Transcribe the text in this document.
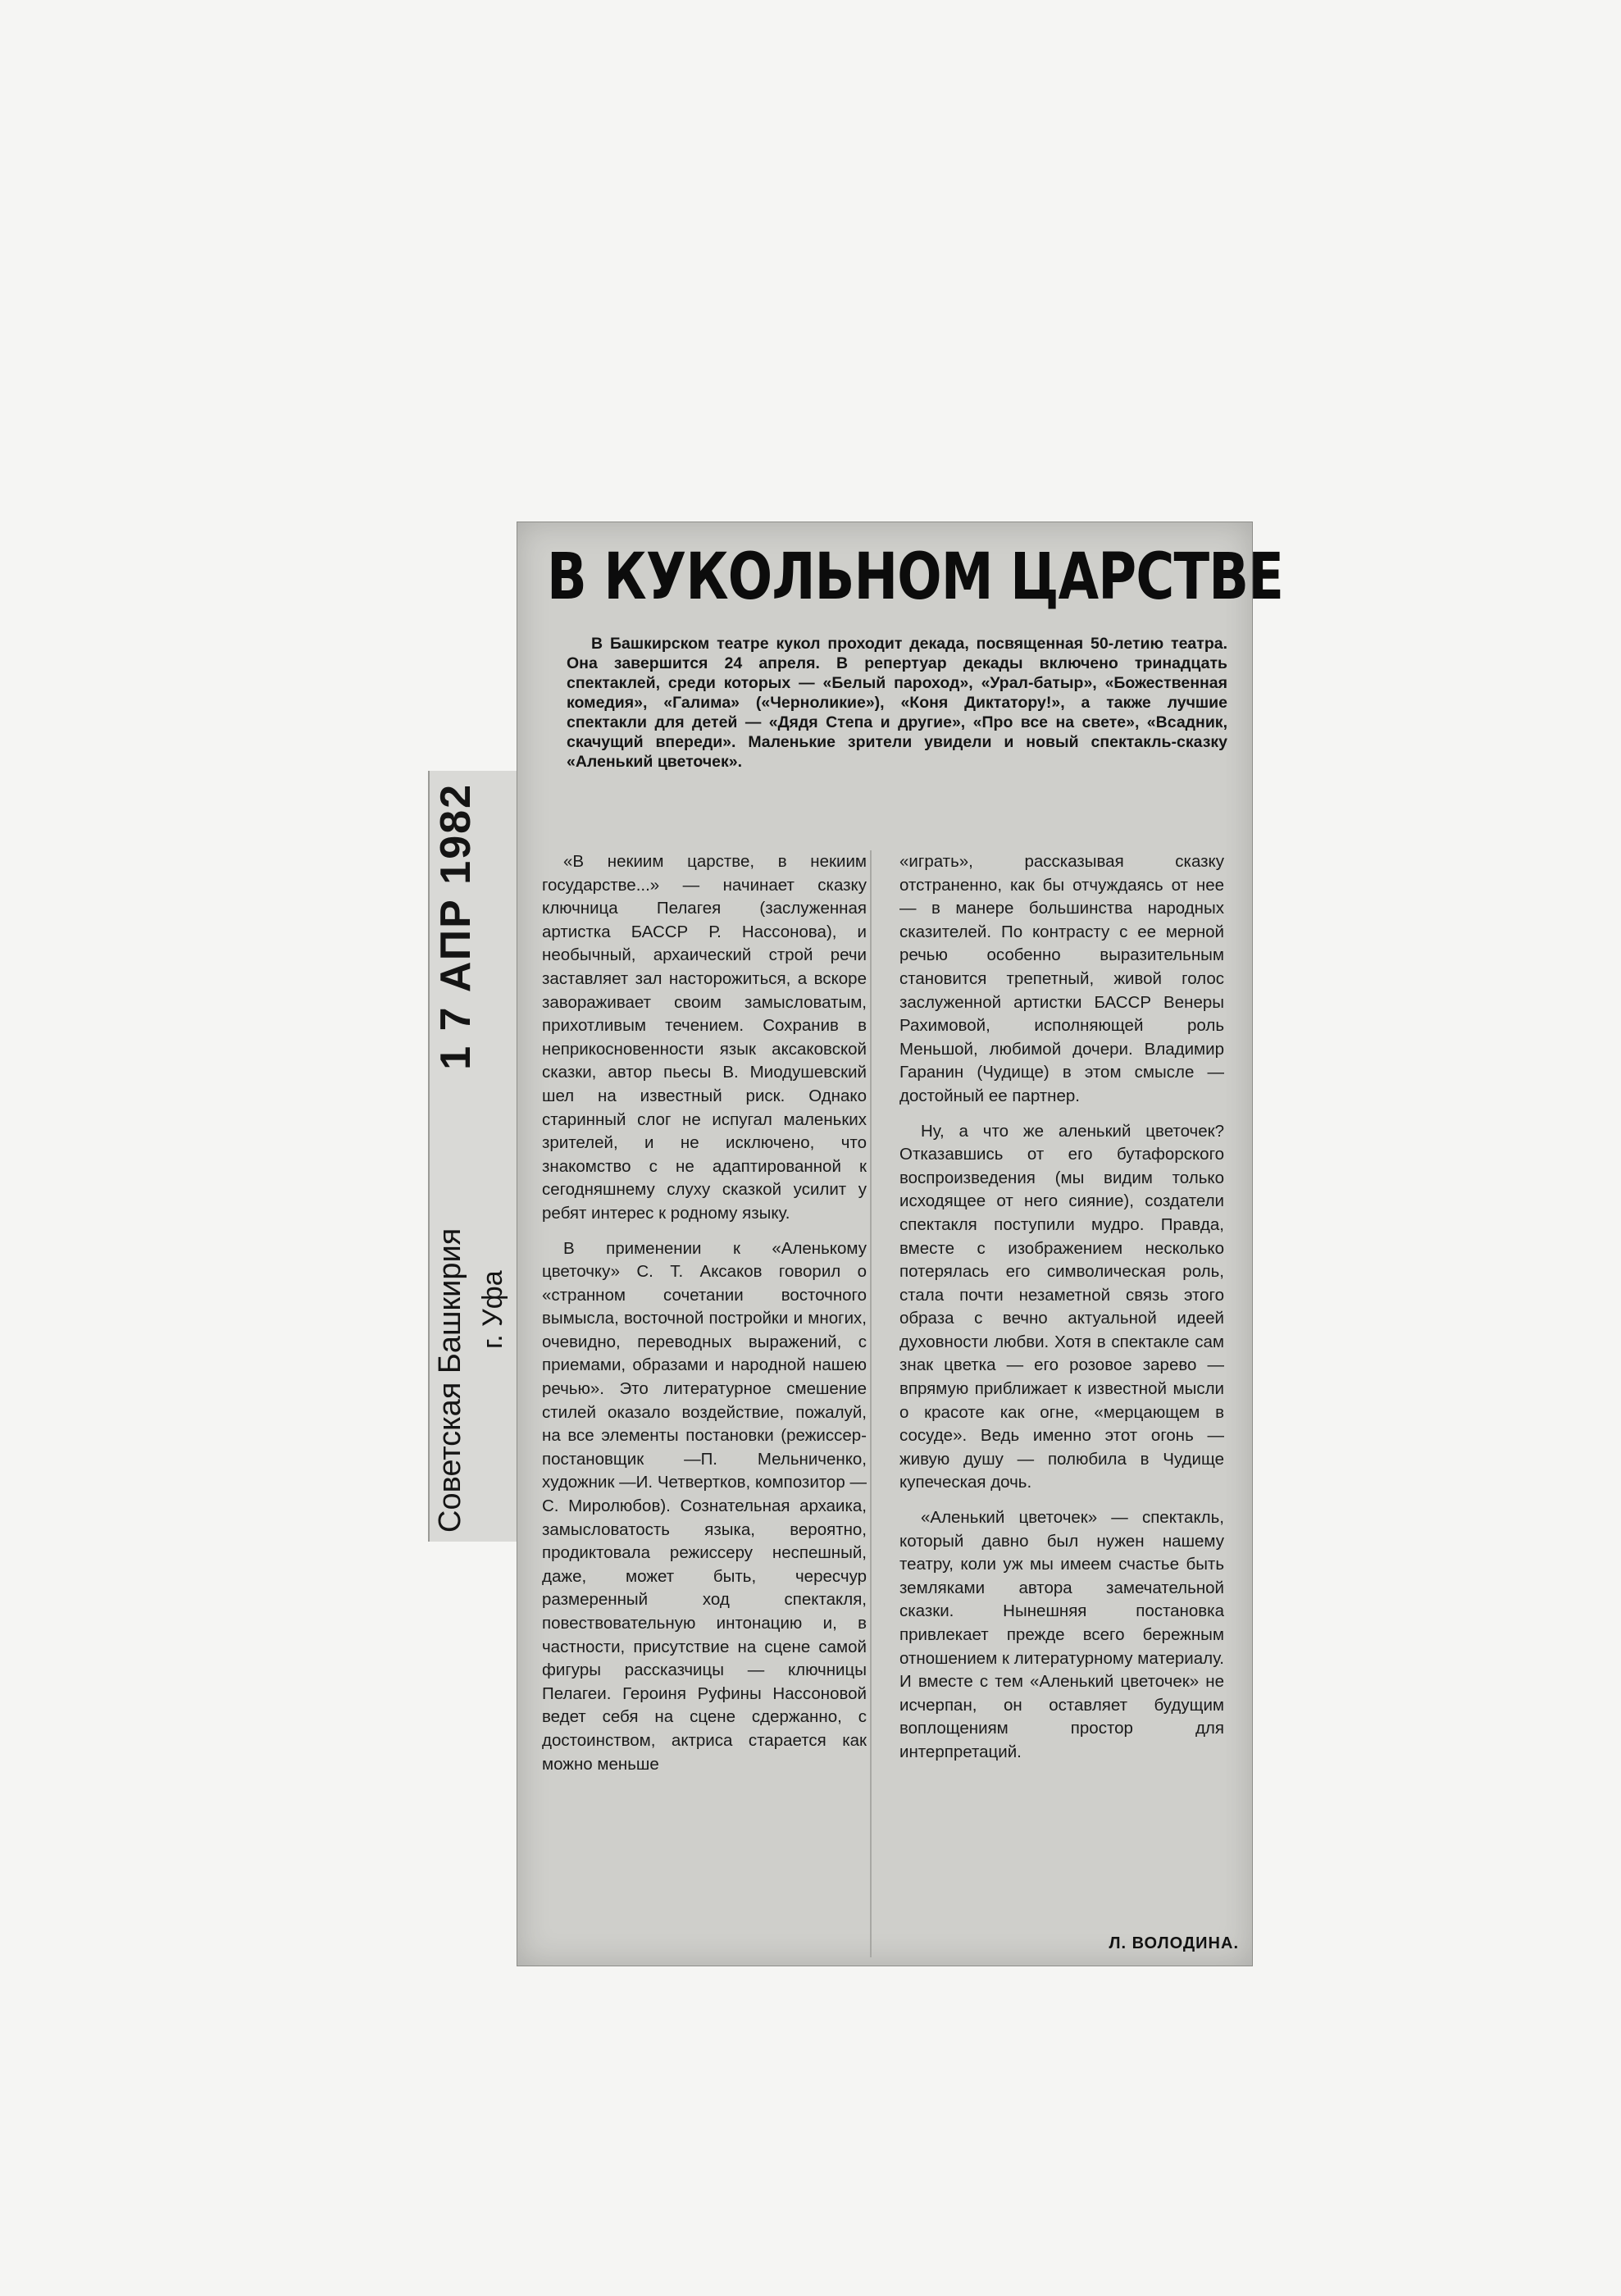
Советская Башкирия г. Уфа
1 7 АПР 1982
В КУКОЛЬНОМ ЦАРСТВЕ
В Башкирском театре кукол проходит декада, посвященная 50-летию театра. Она завершится 24 апреля. В репертуар декады включено тринадцать спектаклей, среди которых — «Белый пароход», «Урал-батыр», «Божественная комедия», «Галима» («Черноликие»), «Коня Диктатору!», а также лучшие спектакли для детей — «Дядя Степа и другие», «Про все на свете», «Всадник, скачущий впереди». Маленькие зрители увидели и новый спектакль-сказку «Аленький цветочек».

«В некиим царстве, в некиим государстве...» — начинает сказку ключница Пелагея (заслуженная артистка БАССР Р. Нассонова), и необычный, архаический строй речи заставляет зал насторожиться, а вскоре завораживает своим замысловатым, прихотливым течением. Сохранив в неприкосновенности язык аксаковской сказки, автор пьесы В. Миодушевский шел на известный риск. Однако старинный слог не испугал маленьких зрителей, и не исключено, что знакомство с не адаптированной к сегодняшнему слуху сказкой усилит у ребят интерес к родному языку.

В применении к «Аленькому цветочку» С. Т. Аксаков говорил о «странном сочетании восточного вымысла, восточной постройки и многих, очевидно, переводных выражений, с приемами, образами и народной нашею речью». Это литературное смешение стилей оказало воздействие, пожалуй, на все элементы постановки (режиссер-постановщик —П. Мельниченко, художник —И. Четвертков, композитор —С. Миролюбов). Сознательная архаика, замысловатость языка, вероятно, продиктовала режиссеру неспешный, даже, может быть, чересчур размеренный ход спектакля, повествовательную интонацию и, в частности, присутствие на сцене самой фигуры рассказчицы — ключницы Пелагеи. Героиня Руфины Нассоновой ведет себя на сцене сдержанно, с достоинством, актриса старается как можно меньше

«играть», рассказывая сказку отстраненно, как бы отчуждаясь от нее — в манере большинства народных сказителей. По контрасту с ее мерной речью особенно выразительным становится трепетный, живой голос заслуженной артистки БАССР Венеры Рахимовой, исполняющей роль Меньшой, любимой дочери. Владимир Гаранин (Чудище) в этом смысле — достойный ее партнер.

Ну, а что же аленький цветочек? Отказавшись от его бутафорского воспроизведения (мы видим только исходящее от него сияние), создатели спектакля поступили мудро. Правда, вместе с изображением несколько потерялась его символическая роль, стала почти незаметной связь этого образа с вечно актуальной идеей духовности любви. Хотя в спектакле сам знак цветка — его розовое зарево — впрямую приближает к известной мысли о красоте как огне, «мерцающем в сосуде». Ведь именно этот огонь —живую душу — полюбила в Чудище купеческая дочь.

«Аленький цветочек» — спектакль, который давно был нужен нашему театру, коли уж мы имеем счастье быть земляками автора замечательной сказки. Нынешняя постановка привлекает прежде всего бережным отношением к литературному материалу. И вместе с тем «Аленький цветочек» не исчерпан, он оставляет будущим воплощениям простор для интерпретаций.

Л. ВОЛОДИНА.
